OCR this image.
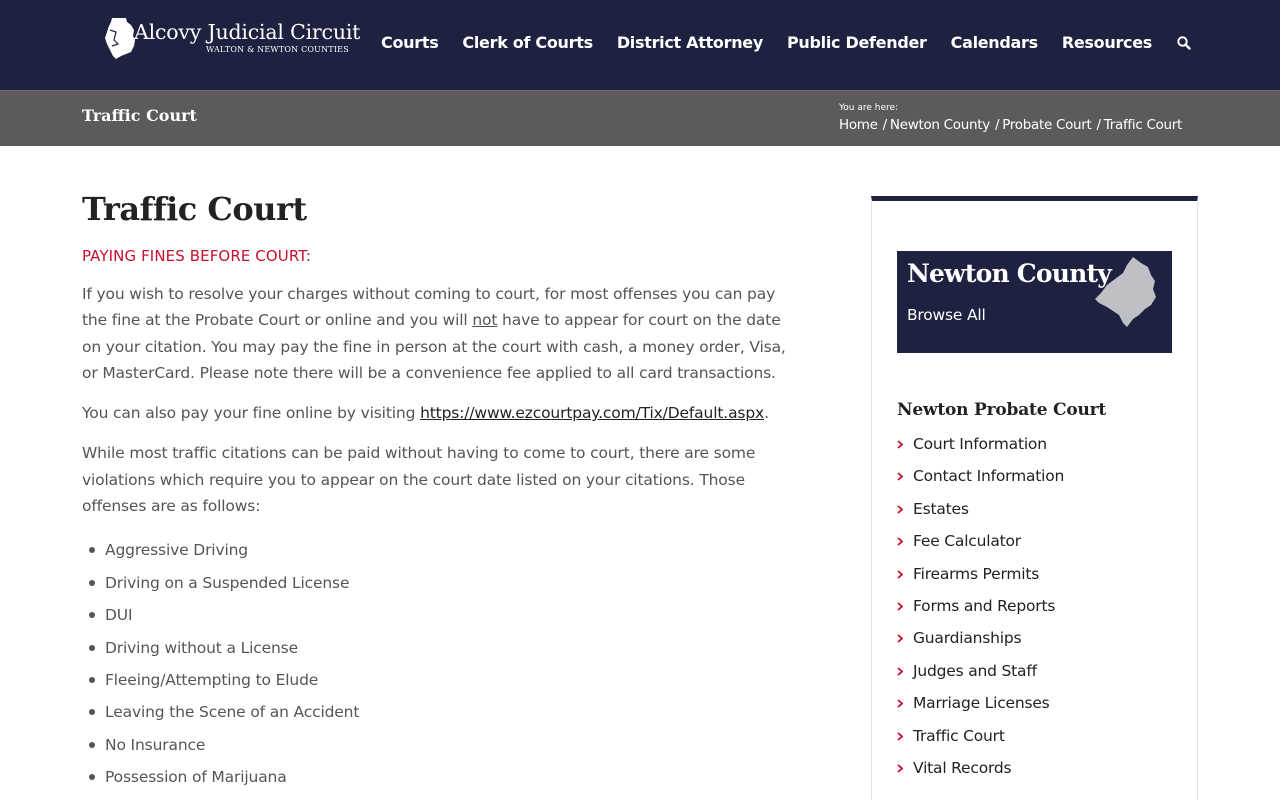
Alcovy Judicial Circuit
WALTON & NEWTON COUNTIES Courts Clerk of Courts District Attorney Public Defender Calendars Resources
Traffic Court	You are here:
Home / Newton County / Probate Court / Traffic Court
Traffic Court
PAYING FINES BEFORE COURT:

If you wish to resolve your charges without coming to court, for most offenses you can pay the fine at the Probate Court or online and you will not have to appear for court on the date on your citation. You may pay the fine in person at the court with cash, a money order, Visa, or MasterCard. Please note there will be a convenience fee applied to all card transactions.

You can also pay your fine online by visiting https://www.ezcourtpay.com/Tix/Default.aspx.

While most traffic citations can be paid without having to come to court, there are some violations which require you to appear on the court date listed on your citations. Those offenses are as follows:

Aggressive Driving
Driving on a Suspended License
DUI
Driving without a License
Fleeing/Attempting to Elude
Leaving the Scene of an Accident
No Insurance
Possession of Marijuana
Newton County
Browse All
Newton Probate Court
Court Information
Contact Information
Estates
Fee Calculator
Firearms Permits
Forms and Reports
Guardianships
Judges and Staff
Marriage Licenses
Traffic Court
Vital Records
